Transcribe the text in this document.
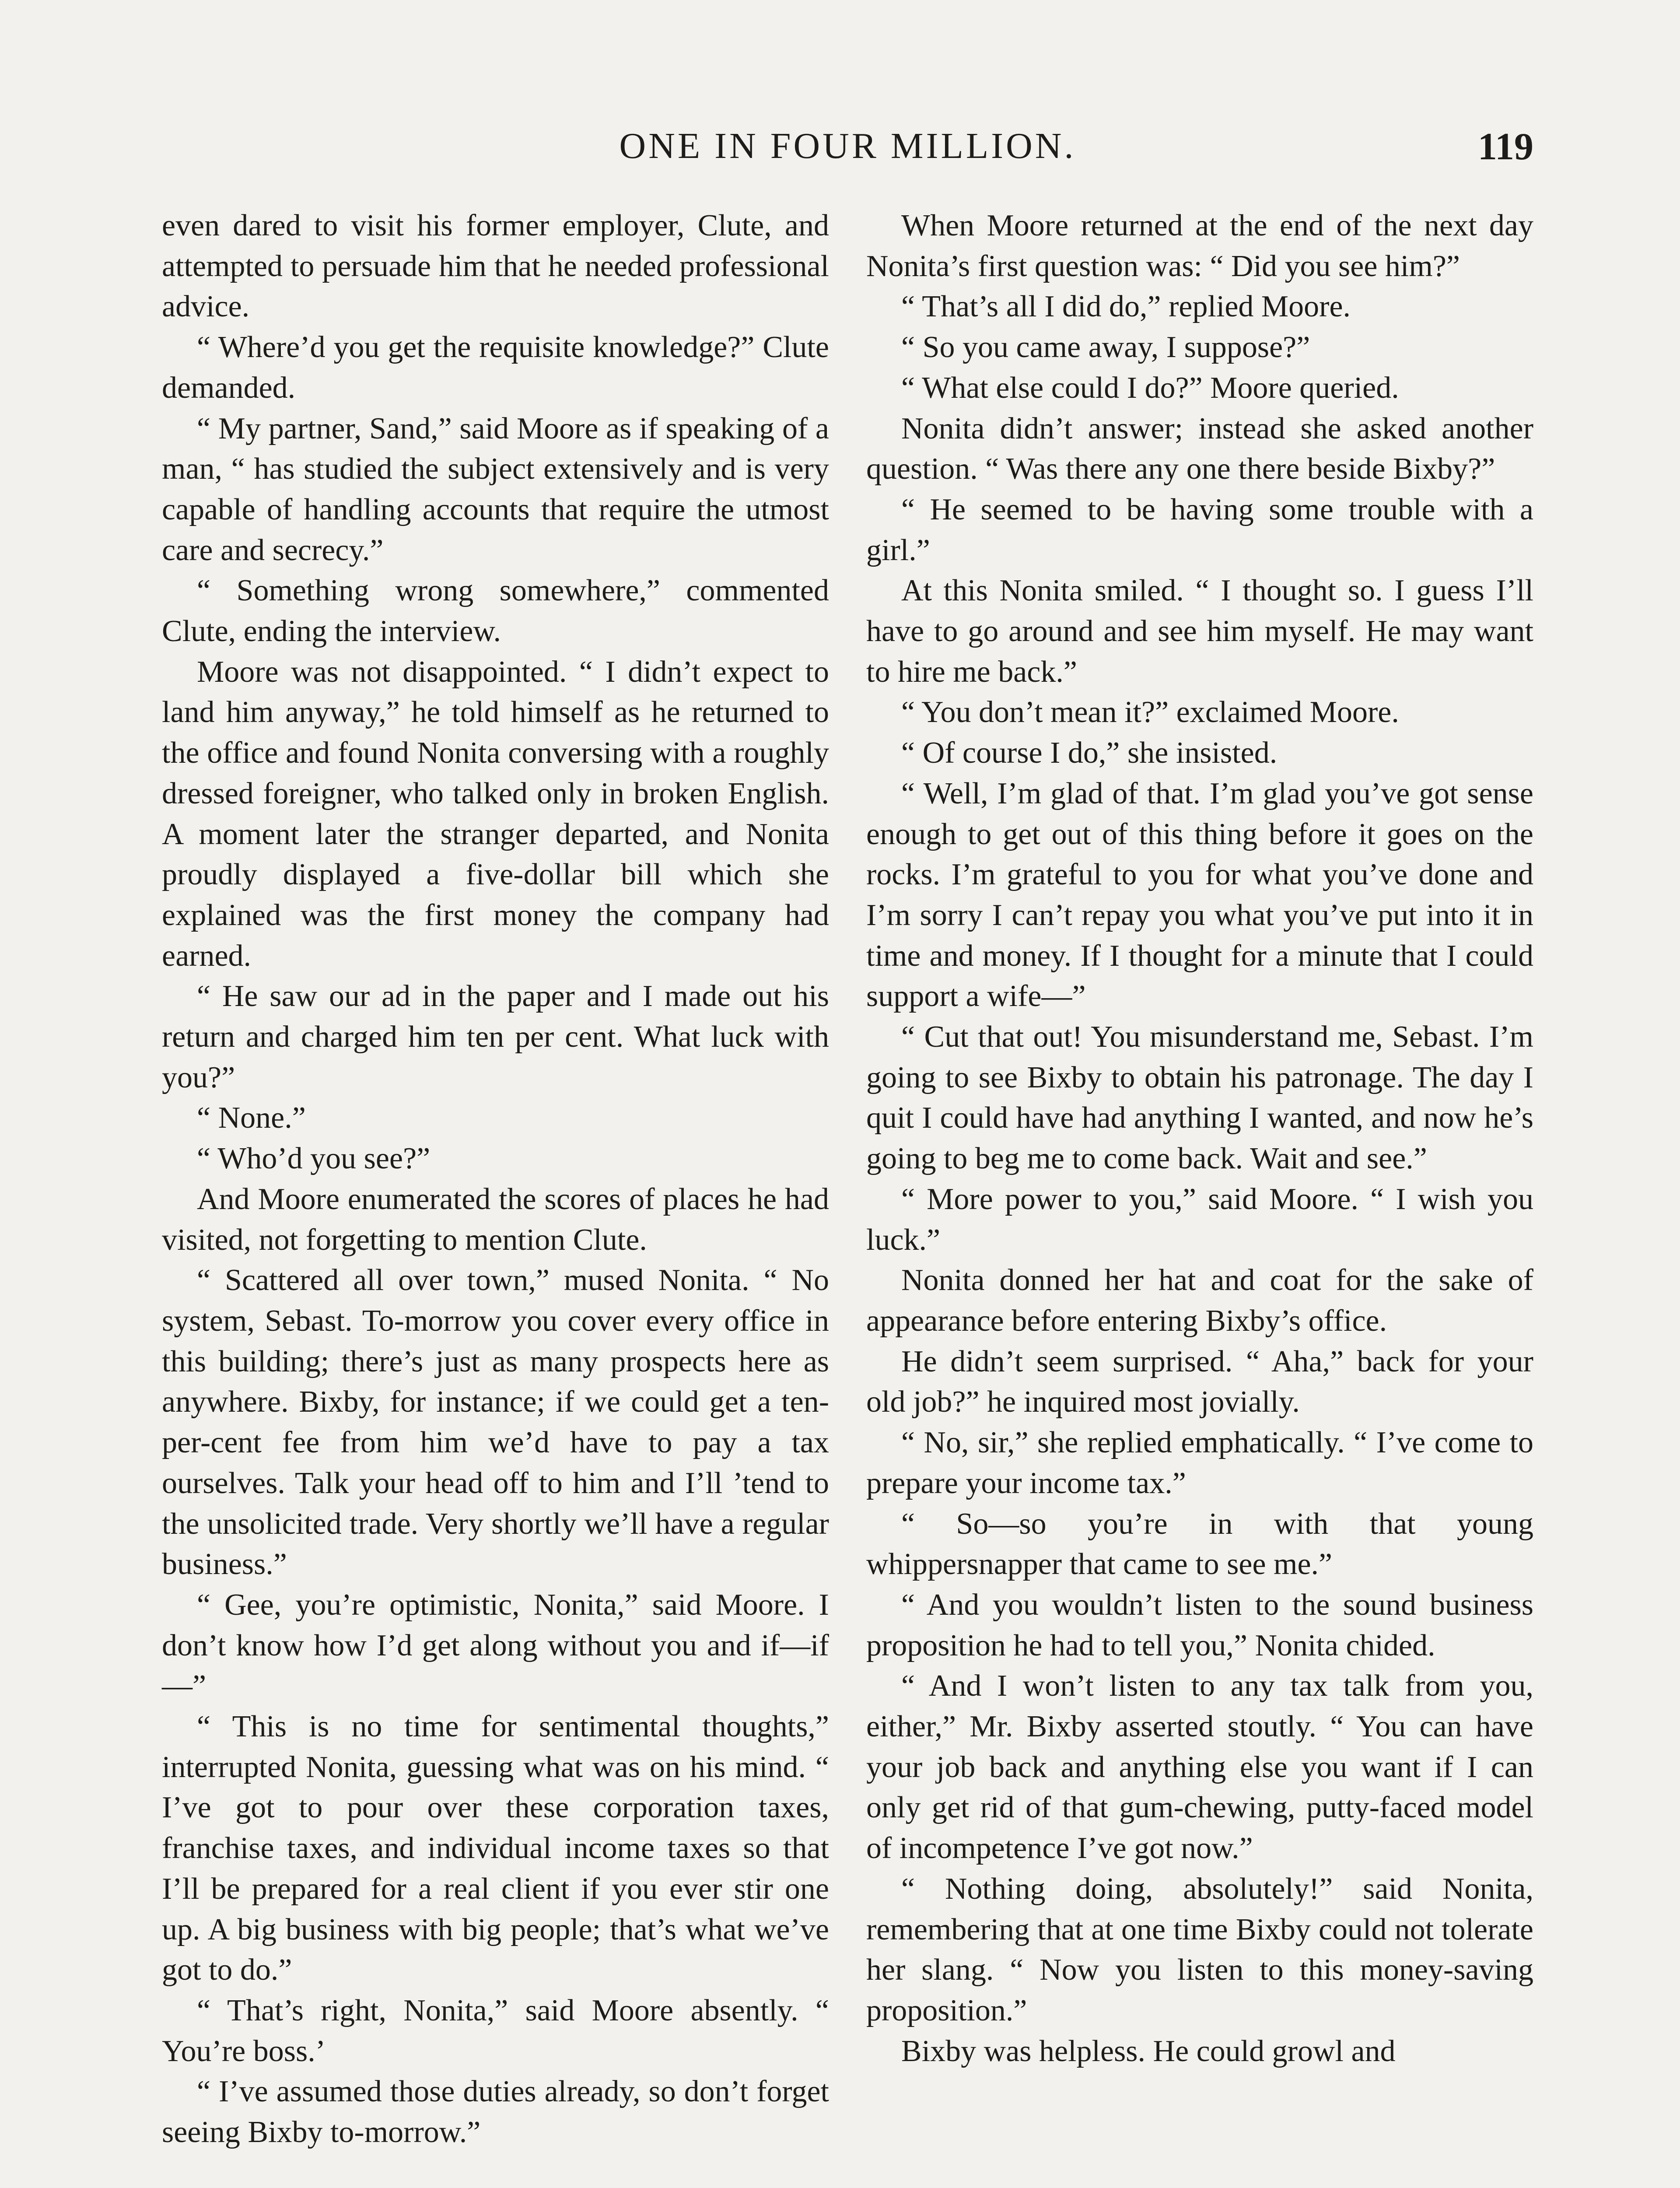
ONE IN FOUR MILLION.	119

even dared to visit his former employer, Clute, and attempted to persuade him that he needed professional advice.

“ Where’d you get the requisite knowledge?” Clute demanded.

“ My partner, Sand,” said Moore as if speaking of a man, “ has studied the subject extensively and is very capable of handling accounts that require the utmost care and secrecy.”

“ Something wrong somewhere,” commented Clute, ending the interview.

Moore was not disappointed. “ I didn’t expect to land him anyway,” he told himself as he returned to the office and found Nonita conversing with a roughly dressed foreigner, who talked only in broken English. A moment later the stranger departed, and Nonita proudly displayed a five-dollar bill which she explained was the first money the company had earned.

“ He saw our ad in the paper and I made out his return and charged him ten per cent. What luck with you?”

“ None.”

“ Who’d you see?”

And Moore enumerated the scores of places he had visited, not forgetting to mention Clute.

“ Scattered all over town,” mused Nonita. “ No system, Sebast. To-morrow you cover every office in this building; there’s just as many prospects here as anywhere. Bixby, for instance; if we could get a ten-per-cent fee from him we’d have to pay a tax ourselves. Talk your head off to him and I’ll ’tend to the unsolicited trade. Very shortly we’ll have a regular business.”

“ Gee, you’re optimistic, Nonita,” said Moore. I don’t know how I’d get along without you and if—if—”

“ This is no time for sentimental thoughts,” interrupted Nonita, guessing what was on his mind. “ I’ve got to pour over these corporation taxes, franchise taxes, and individual income taxes so that I’ll be prepared for a real client if you ever stir one up. A big business with big people; that’s what we’ve got to do.”

“ That’s right, Nonita,” said Moore absently. “ You’re boss.’

“ I’ve assumed those duties already, so don’t forget seeing Bixby to-morrow.”

When Moore returned at the end of the next day Nonita’s first question was: “ Did you see him?”

“ That’s all I did do,” replied Moore.

“ So you came away, I suppose?”

“ What else could I do?” Moore queried.

Nonita didn’t answer; instead she asked another question. “ Was there any one there beside Bixby?”

“ He seemed to be having some trouble with a girl.”

At this Nonita smiled. “ I thought so. I guess I’ll have to go around and see him myself. He may want to hire me back.”

“ You don’t mean it?” exclaimed Moore.

“ Of course I do,” she insisted.

“ Well, I’m glad of that. I’m glad you’ve got sense enough to get out of this thing before it goes on the rocks. I’m grateful to you for what you’ve done and I’m sorry I can’t repay you what you’ve put into it in time and money. If I thought for a minute that I could support a wife—”

“ Cut that out! You misunderstand me, Sebast. I’m going to see Bixby to obtain his patronage. The day I quit I could have had anything I wanted, and now he’s going to beg me to come back. Wait and see.”

“ More power to you,” said Moore. “ I wish you luck.”

Nonita donned her hat and coat for the sake of appearance before entering Bixby’s office.

He didn’t seem surprised. “ Aha,” back for your old job?” he inquired most jovially.

“ No, sir,” she replied emphatically. “ I’ve come to prepare your income tax.”

“ So—so you’re in with that young whippersnapper that came to see me.”

“ And you wouldn’t listen to the sound business proposition he had to tell you,” Nonita chided.

“ And I won’t listen to any tax talk from you, either,” Mr. Bixby asserted stoutly. “ You can have your job back and anything else you want if I can only get rid of that gum-chewing, putty-faced model of incompetence I’ve got now.”

“ Nothing doing, absolutely!” said Nonita, remembering that at one time Bixby could not tolerate her slang. “ Now you listen to this money-saving proposition.”

Bixby was helpless. He could growl and
